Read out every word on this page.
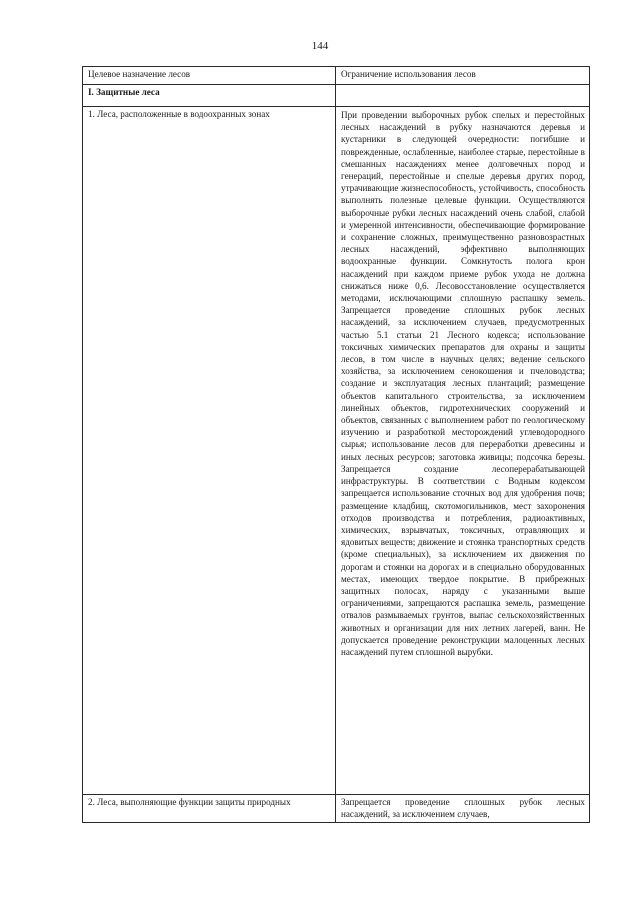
144
Целевое назначение лесов	Ограничение использования лесов
I. Защитные леса	
1. Леса, расположенные в водоохранных зонах	При проведении выборочных рубок спелых и перестойных лесных насаждений в рубку назначаются деревья и кустарники в следующей очередности: погибшие и поврежденные, ослабленные, наиболее старые, перестойные в смешанных насаждениях менее долговечных пород и генераций, перестойные и спелые деревья других пород, утрачивающие жизнеспособность, устойчивость, способность выполнять полезные целевые функции. Осуществляются выборочные рубки лесных насаждений очень слабой, слабой и умеренной интенсивности, обеспечивающие формирование и сохранение сложных, преимущественно разновозрастных лесных насаждений, эффективно выполняющих водоохранные функции. Сомкнутость полога крон насаждений при каждом приеме рубок ухода не должна снижаться ниже 0,6. Лесовосстановление осуществляется методами, исключающими сплошную распашку земель. Запрещается проведение сплошных рубок лесных насаждений, за исключением случаев, предусмотренных частью 5.1 статьи 21 Лесного кодекса; использование токсичных химических препаратов для охраны и защиты лесов, в том числе в научных целях; ведение сельского хозяйства, за исключением сенокошения и пчеловодства; создание и эксплуатация лесных плантаций; размещение объектов капитального строительства, за исключением линейных объектов, гидротехнических сооружений и объектов, связанных с выполнением работ по геологическому изучению и разработкой месторождений углеводородного сырья; использование лесов для переработки древесины и иных лесных ресурсов; заготовка живицы; подсочка березы. Запрещается создание лесоперерабатывающей инфраструктуры. В соответствии с Водным кодексом запрещается использование сточных вод для удобрения почв; размещение кладбищ, скотомогильников, мест захоронения отходов производства и потребления, радиоактивных, химических, взрывчатых, токсичных, отравляющих и ядовитых веществ; движение и стоянка транспортных средств (кроме специальных), за исключением их движения по дорогам и стоянки на дорогах и в специально оборудованных местах, имеющих твердое покрытие. В прибрежных защитных полосах, наряду с указанными выше ограничениями, запрещаются распашка земель, размещение отвалов размываемых грунтов, выпас сельскохозяйственных животных и организации для них летних лагерей, ванн. Не допускается проведение реконструкции малоценных лесных насаждений путем сплошной вырубки.
2. Леса, выполняющие функции защиты природных	Запрещается проведение сплошных рубок лесных насаждений, за исключением случаев,
